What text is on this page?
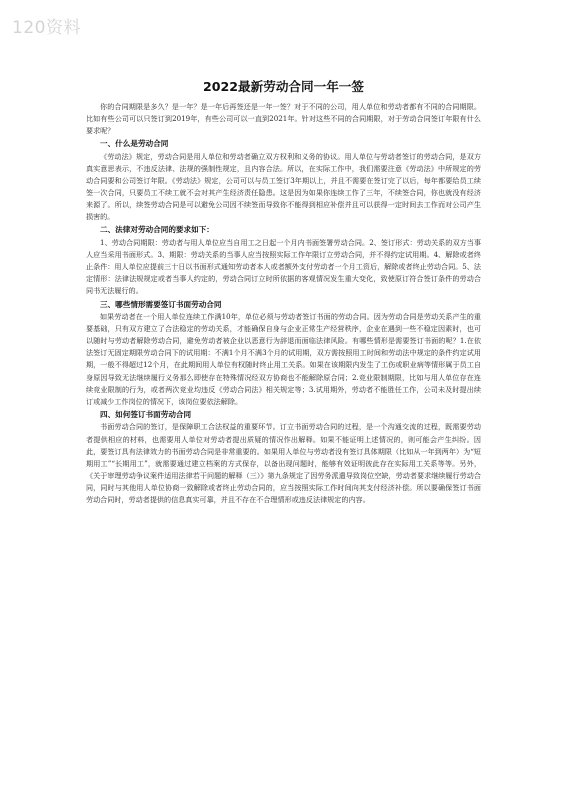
120资料
2022最新劳动合同一年一签

你的合同期限是多久？是一年？是一年后再签还是一年一签？对于不同的公司，用人单位和劳动者都有不同的合同期限。比如有些公司可以只签订到2019年，有些公司可以一直到2021年。针对这些不同的合同期限，对于劳动合同签订年限有什么要求呢？

一、什么是劳动合同

《劳动法》规定，劳动合同是用人单位和劳动者确立双方权利和义务的协议。用人单位与劳动者签订的劳动合同，是双方真实意思表示，不违反法律、法规的强制性规定，且内容合法。所以，在实际工作中，我们需要注意《劳动法》中所规定的劳动合同要和公司签订年限。《劳动法》规定，公司可以与员工签订3年期以上，并且不需要在签订完了以后，每年都要给员工续签一次合同，只要员工不续工就不会对其产生经济责任隐患。这是因为如果你连续工作了三年，不续签合同，你也就没有经济来源了。所以，续签劳动合同是可以避免公司因不续签而导致你不能得到相应补偿并且可以获得一定时间去工作而对公司产生损害的。

二、法律对劳动合同的要求如下：

1、劳动合同期限：劳动者与用人单位应当自用工之日起一个月内书面签署劳动合同。2、签订形式：劳动关系的双方当事人应当采用书面形式。3、期限：劳动关系的当事人应当按照实际工作年限订立劳动合同，并不得约定试用期。4、解除或者终止条件：用人单位应提前三十日以书面形式通知劳动者本人或者额外支付劳动者一个月工资后，解除或者终止劳动合同。5、法定情形：法律法规规定或者当事人约定的，劳动合同订立时所依据的客观情况发生重大变化，致使原订符合签订条件的劳动合同书无法履行的。

三、哪些情形需要签订书面劳动合同

如果劳动者在一个用人单位连续工作满10年，单位必须与劳动者签订书面的劳动合同。因为劳动合同是劳动关系产生的重要基础，只有双方建立了合法稳定的劳动关系，才能确保自身与企业正常生产经营秩序，企业在遇到一些不稳定因素时，也可以随时与劳动者解除劳动合同，避免劳动者被企业以恶意行为辞退而面临法律风险。有哪些情形是需要签订书面的呢？1.在依法签订无固定期限劳动合同下的试用期：不满1个月不满3个月的试用期，双方需按照用工时间和劳动法中规定的条件约定试用期，一般不得超过12个月，在此期间用人单位有权随时终止用工关系。如果在该期限内发生了工伤或职业病等情形属于员工自身原因导致无法继续履行义务那么即使存在特殊情况经双方协商也不能解除原合同；2.竞业限制期限，比如与用人单位存在连续竞业限制的行为，或者两次竞业均违反《劳动合同法》相关规定等；3.试用期外，劳动者不能胜任工作，公司未及时提出续订或减少工作岗位的情况下，该岗位要依法解除。

四、如何签订书面劳动合同

书面劳动合同的签订，是保障职工合法权益的重要环节。订立书面劳动合同的过程，是一个沟通交流的过程，既需要劳动者提供相应的材料，也需要用人单位对劳动者提出质疑的情况作出解释。如果不能证明上述情况的，则可能会产生纠纷。因此，要签订具有法律效力的书面劳动合同是非常重要的。如果用人单位与劳动者没有签订具体期限（比如从一年到两年）为“短期用工”“长期用工”，就需要通过建立档案的方式保存，以备出现问题时，能够有效证明彼此存在实际用工关系等等。另外，《关于审理劳动争议案件适用法律若干问题的解释（三）》第九条规定了因劳务派遣导致岗位空缺，劳动者要求继续履行劳动合同，同时与其他用人单位协商一致解除或者终止劳动合同的，应当按照实际工作时间向其支付经济补偿。所以要确保签订书面劳动合同时，劳动者提供的信息真实可靠，并且不存在不合理情形或违反法律规定的内容。
